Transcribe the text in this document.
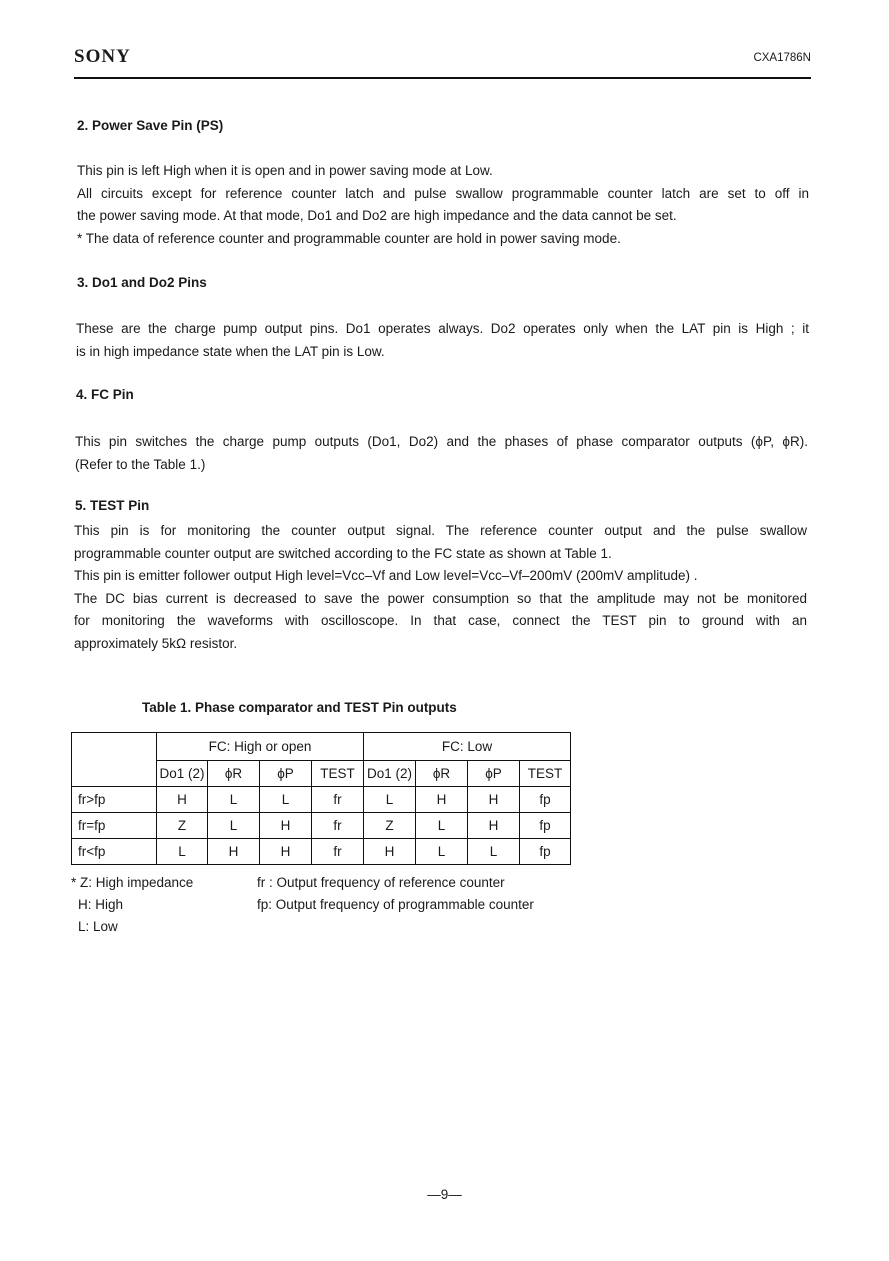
SONY	CXA1786N
2. Power Save Pin (PS)
This pin is left High when it is open and in power saving mode at Low.
All circuits except for reference counter latch and pulse swallow programmable counter latch are set to off in
the power saving mode. At that mode, Do1 and Do2 are high impedance and the data cannot be set.
* The data of reference counter and programmable counter are hold in power saving mode.
3. Do1 and Do2 Pins
These are the charge pump output pins. Do1 operates always. Do2 operates only when the LAT pin is High ; it
is in high impedance state when the LAT pin is Low.
4. FC Pin
This pin switches the charge pump outputs (Do1, Do2) and the phases of phase comparator outputs (ϕP, ϕR).
(Refer to the Table 1.)
5. TEST Pin
This pin is for monitoring the counter output signal. The reference counter output and the pulse swallow
programmable counter output are switched according to the FC state as shown at Table 1.
This pin is emitter follower output High level=Vcc–Vf and Low level=Vcc–Vf–200mV (200mV amplitude) .
The DC bias current is decreased to save the power consumption so that the amplitude may not be monitored
for monitoring the waveforms with oscilloscope. In that case, connect the TEST pin to ground with an
approximately 5kΩ resistor.
Table 1. Phase comparator and TEST Pin outputs
	FC: High or open				FC: Low			
	Do1 (2)	ϕR	ϕP	TEST	Do1 (2)	ϕR	ϕP	TEST
fr>fp	H	L	L	fr	L	H	H	fp
fr=fp	Z	L	H	fr	Z	L	H	fp
fr<fp	L	H	H	fr	H	L	L	fp
* Z: High impedance
H: High
L: Low
fr : Output frequency of reference counter
fp: Output frequency of programmable counter
—9—
